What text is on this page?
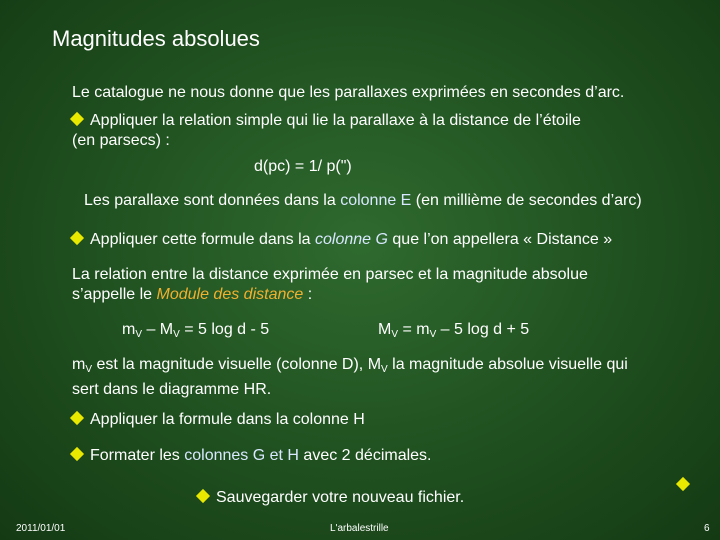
Magnitudes absolues
Le catalogue ne nous donne que les parallaxes exprimées en secondes d’arc.
Appliquer la relation simple qui lie la parallaxe à la distance de l’étoile
(en parsecs) :
d(pc) = 1/ p(")
Les parallaxe sont données dans la colonne E (en millième de secondes d’arc)
Appliquer cette formule dans la colonne G que l’on appellera « Distance »
La relation entre la distance exprimée en parsec et la magnitude absolue
s’appelle le Module des distance :
$m_V - M_V = 5$ log d - 5	$M_V = m_V - 5$ log d + 5
$m_V$ est la magnitude visuelle (colonne D), $M_V$ la magnitude absolue visuelle qui
sert dans le diagramme HR.
Appliquer la formule dans la colonne H
Formater les colonnes G et H avec 2 décimales.
Sauvegarder votre nouveau fichier.
2011/01/01	L'arbalestrille	6
